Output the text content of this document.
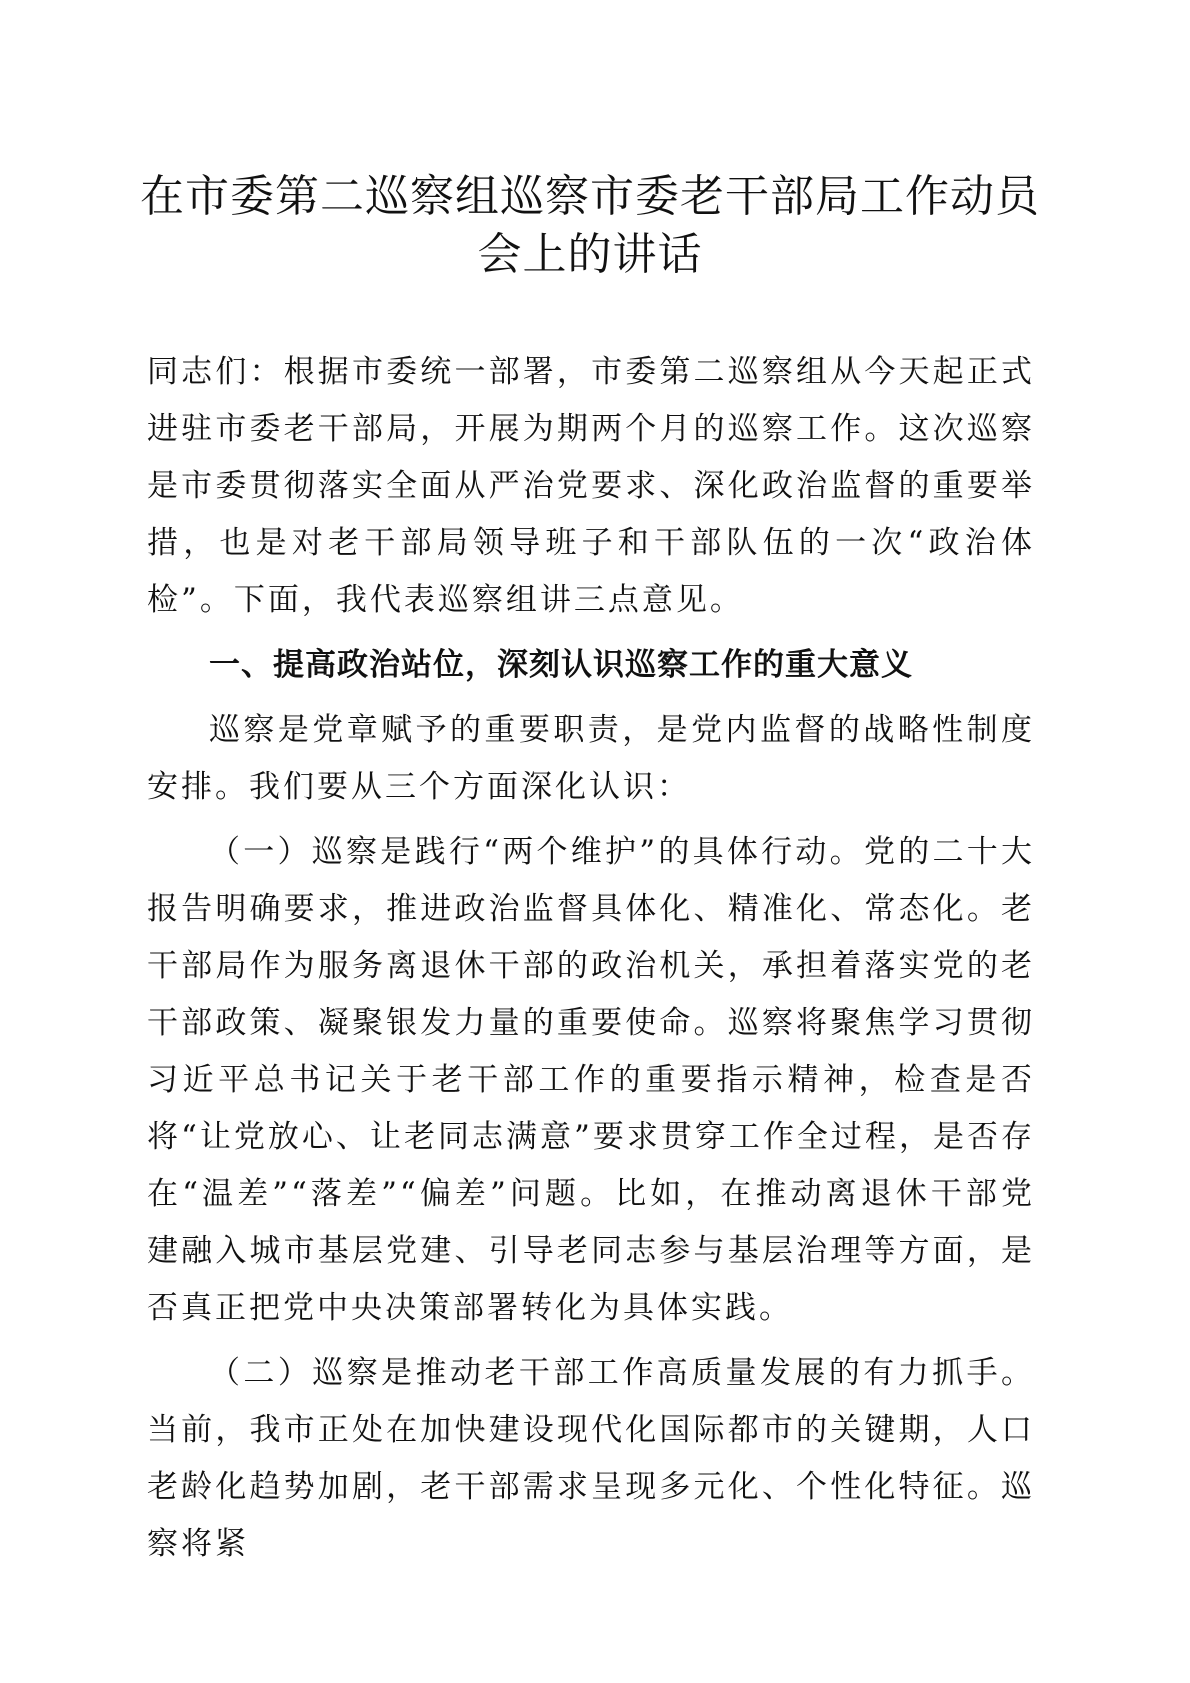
在市委第二巡察组巡察市委老干部局工作动员
会上的讲话

同志们：根据市委统一部署，市委第二巡察组从今天起正式进驻市委老干部局，开展为期两个月的巡察工作。这次巡察是市委贯彻落实全面从严治党要求、深化政治监督的重要举措，也是对老干部局领导班子和干部队伍的一次“政治体检”。下面，我代表巡察组讲三点意见。

一、提高政治站位，深刻认识巡察工作的重大意义

巡察是党章赋予的重要职责，是党内监督的战略性制度安排。我们要从三个方面深化认识：

（一）巡察是践行“两个维护”的具体行动。党的二十大报告明确要求，推进政治监督具体化、精准化、常态化。老干部局作为服务离退休干部的政治机关，承担着落实党的老干部政策、凝聚银发力量的重要使命。巡察将聚焦学习贯彻习近平总书记关于老干部工作的重要指示精神，检查是否将“让党放心、让老同志满意”要求贯穿工作全过程，是否存在“温差”“落差”“偏差”问题。比如，在推动离退休干部党建融入城市基层党建、引导老同志参与基层治理等方面，是否真正把党中央决策部署转化为具体实践。

（二）巡察是推动老干部工作高质量发展的有力抓手。当前，我市正处在加快建设现代化国际都市的关键期，人口老龄化趋势加剧，老干部需求呈现多元化、个性化特征。巡察将紧
